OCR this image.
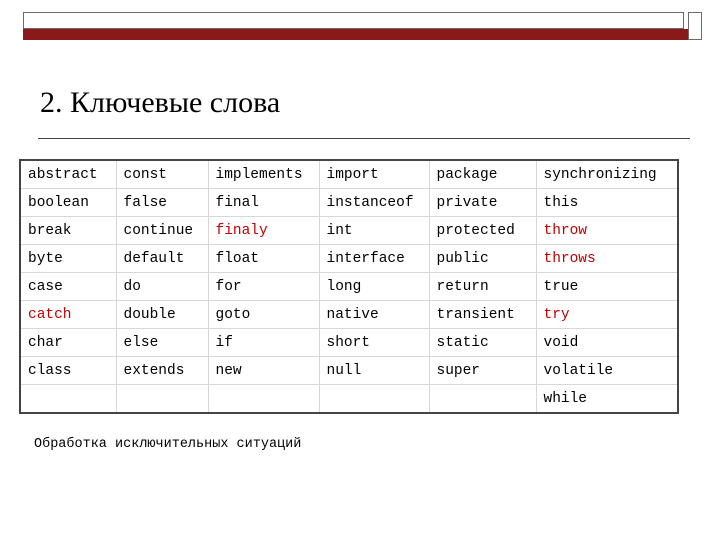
2. Ключевые слова
abstract	const	implements	import	package	synchronizing
boolean	false	final	instanceof	private	this
break	continue	finaly	int	protected	throw
byte	default	float	interface	public	throws
case	do	for	long	return	true
catch	double	goto	native	transient	try
char	else	if	short	static	void
class	extends	new	null	super	volatile
					while
Обработка исключительных ситуаций
